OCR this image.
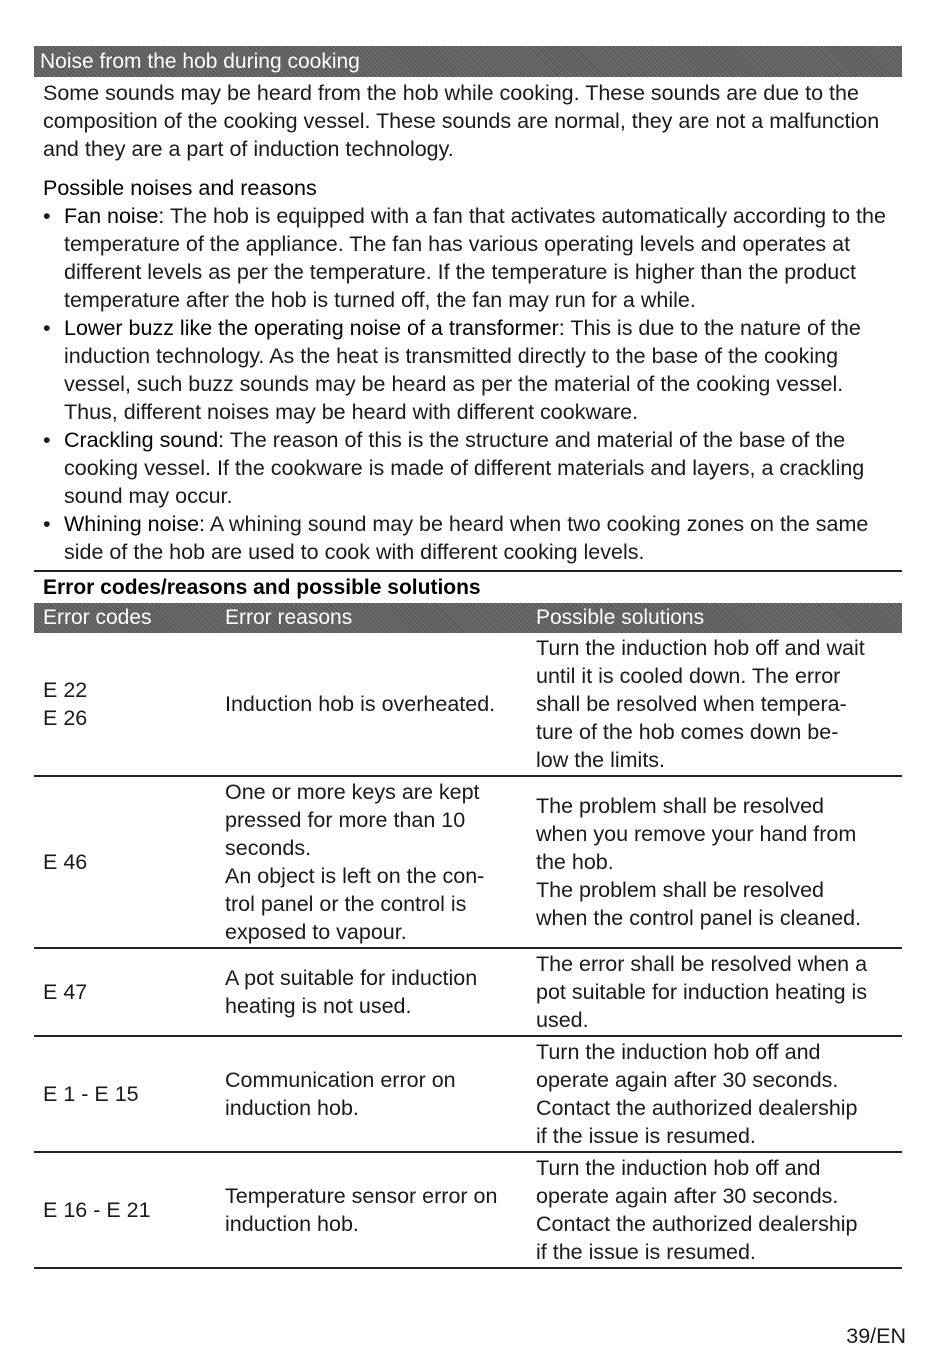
Noise from the hob during cooking
Some sounds may be heard from the hob while cooking. These sounds are due to the composition of the cooking vessel. These sounds are normal, they are not a malfunction and they are a part of induction technology.
Possible noises and reasons
• Fan noise: The hob is equipped with a fan that activates automatically according to the temperature of the appliance. The fan has various operating levels and operates at different levels as per the temperature. If the temperature is higher than the product temperature after the hob is turned off, the fan may run for a while.
• Lower buzz like the operating noise of a transformer: This is due to the nature of the induction technology. As the heat is transmitted directly to the base of the cooking vessel, such buzz sounds may be heard as per the material of the cooking vessel. Thus, different noises may be heard with different cookware.
• Crackling sound: The reason of this is the structure and material of the base of the cooking vessel. If the cookware is made of different materials and layers, a crackling sound may occur.
• Whining noise: A whining sound may be heard when two cooking zones on the same side of the hob are used to cook with different cooking levels.
Error codes/reasons and possible solutions
Error codes	Error reasons	Possible solutions
E 22
E 26
Induction hob is overheated.
Turn the induction hob off and wait
until it is cooled down. The error
shall be resolved when tempera-
ture of the hob comes down be-
low the limits.
E 46
One or more keys are kept
pressed for more than 10
seconds.
An object is left on the con-
trol panel or the control is
exposed to vapour.
The problem shall be resolved
when you remove your hand from
the hob.
The problem shall be resolved
when the control panel is cleaned.
E 47
A pot suitable for induction
heating is not used.
The error shall be resolved when a
pot suitable for induction heating is
used.
E 1 - E 15
Communication error on
induction hob.
Turn the induction hob off and
operate again after 30 seconds.
Contact the authorized dealership
if the issue is resumed.
E 16 - E 21
Temperature sensor error on
induction hob.
Turn the induction hob off and
operate again after 30 seconds.
Contact the authorized dealership
if the issue is resumed.
39/EN
